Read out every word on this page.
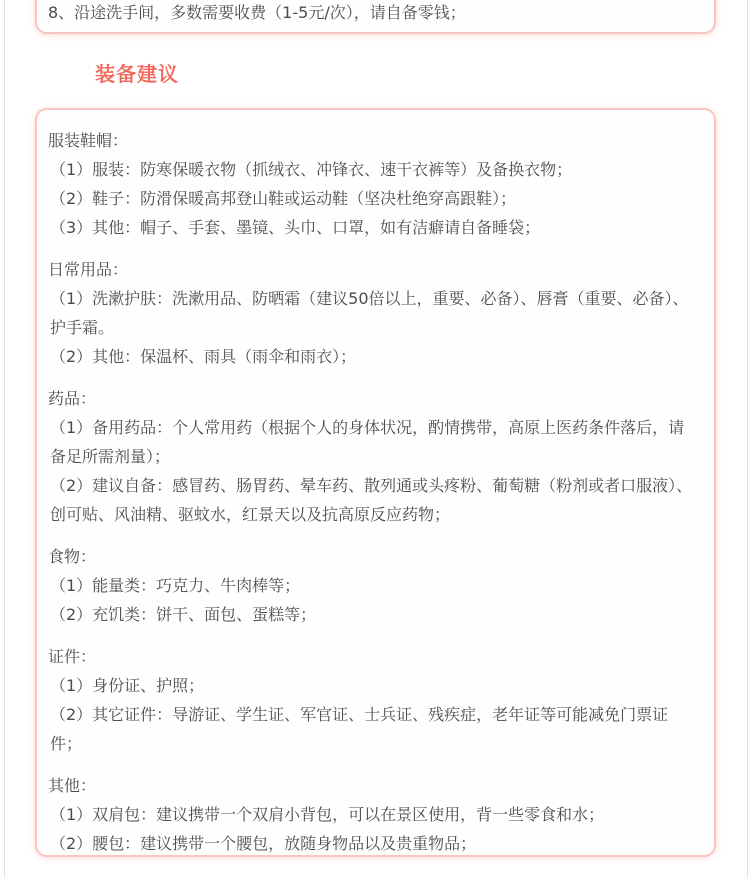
8、沿途洗手间，多数需要收费（1-5元/次），请自备零钱；

装备建议

服装鞋帽：

（1）服装：防寒保暖衣物（抓绒衣、冲锋衣、速干衣裤等）及备换衣物；

（2）鞋子：防滑保暖高邦登山鞋或运动鞋（坚决杜绝穿高跟鞋）；

（3）其他：帽子、手套、墨镜、头巾、口罩，如有洁癖请自备睡袋；

日常用品：

（1）洗漱护肤：洗漱用品、防晒霜（建议50倍以上，重要、必备）、唇膏（重要、必备）、护手霜。

（2）其他：保温杯、雨具（雨伞和雨衣）；

药品：

（1）备用药品：个人常用药（根据个人的身体状况，酌情携带，高原上医药条件落后，请备足所需剂量）；

（2）建议自备：感冒药、肠胃药、晕车药、散列通或头疼粉、葡萄糖（粉剂或者口服液）、创可贴、风油精、驱蚊水，红景天以及抗高原反应药物；

食物：

（1）能量类：巧克力、牛肉棒等；

（2）充饥类：饼干、面包、蛋糕等；

证件：

（1）身份证、护照；

（2）其它证件：导游证、学生证、军官证、士兵证、残疾症，老年证等可能减免门票证件；

其他：

（1）双肩包：建议携带一个双肩小背包，可以在景区使用，背一些零食和水；

（2）腰包：建议携带一个腰包，放随身物品以及贵重物品；
